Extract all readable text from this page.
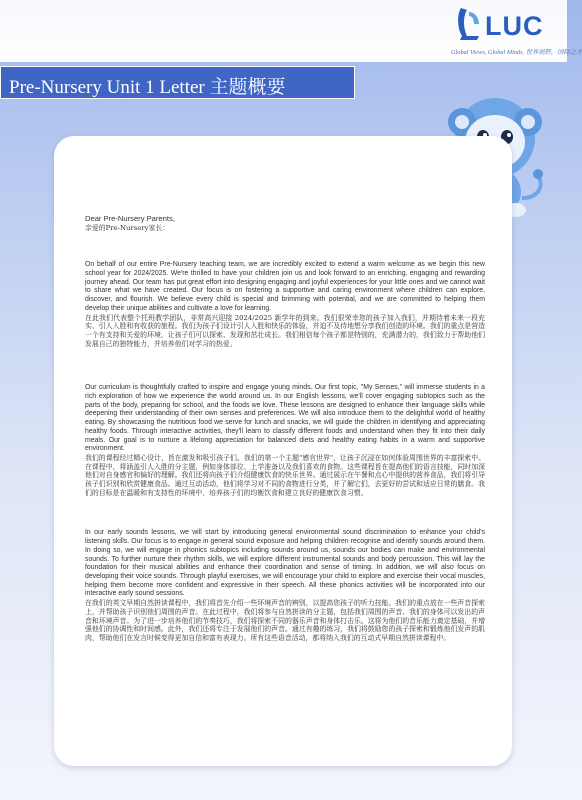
LUC
Global Views, Global Minds. 世界视野，国际之才
Pre-Nursery Unit 1 Letter 主题概要

Dear Pre-Nursery Parents,

亲爱的Pre-Nursery家长：

On behalf of our entire Pre-Nursery teaching team, we are incredibly excited to extend a warm welcome as we begin this new school year for 2024/2025. We're thrilled to have your children join us and look forward to an enriching, engaging and rewarding journey ahead. Our team has put great effort into designing engaging and joyful experiences for your little ones and we cannot wait to share what we have created. Our focus is on fostering a supportive and caring environment where children can explore, discover, and flourish. We believe every child is special and brimming with potential, and we are committed to helping them develop their unique abilities and cultivate a love for learning.

在此我们代表整个托班教学团队，非常高兴迎接 2024/2025 新学年的到来。我们很荣幸您的孩子加入我们，并期待着未来一段充实、引人入胜和有收获的旅程。我们为孩子们设计引人入胜和快乐的体验，并迫不及待地想分享我们创造的环境。我们的重点是营造一个有支持和关爱的环境，让孩子们可以探索、发现和茁壮成长。我们相信每个孩子都是特别的，充满潜力的，我们致力于帮助他们发展自己的独特能力，并培养他们对学习的热爱。

Our curriculum is thoughtfully crafted to inspire and engage young minds. Our first topic, "My Senses," will immerse students in a rich exploration of how we experience the world around us. In our English lessons, we'll cover engaging subtopics such as the parts of the body, preparing for school, and the foods we love. These lessons are designed to enhance their language skills while deepening their understanding of their own senses and preferences. We will also introduce them to the delightful world of healthy eating. By showcasing the nutritious food we serve for lunch and snacks, we will guide the children in identifying and appreciating healthy foods. Through interactive activities, they'll learn to classify different foods and understand when they fit into their daily meals. Our goal is to nurture a lifelong appreciation for balanced diets and healthy eating habits in a warm and supportive environment.

我们的课程经过精心设计，旨在激发和吸引孩子们。我们的第一个主题"感官世界"，让孩子沉浸在如何体验周围世界的丰富探索中。在课程中，将涵盖引人入胜的分主题，例如身体部位、上学准备以及我们喜欢的食物。这些课程旨在提高他们的语言技能，同时加深他们对自身感官和偏好的理解。我们还将向孩子们介绍健康饮食的快乐世界。通过展示在午餐和点心中提供的营养食品，我们将引导孩子们识别和欣赏健康食品。通过互动活动，他们将学习对不同的食物进行分类，并了解它们，去更好的尝试和适应日常的膳食。我们的目标是在温暖和有支持性的环境中，培养孩子们的均衡饮食和建立良好的健康饮食习惯。

In our early sounds lessons, we will start by introducing general environmental sound discrimination to enhance your child's listening skills. Our focus is to engage in general sound exposure and helping children recognise and identify sounds around them. In doing so, we will engage in phonics subtopics including sounds around us, sounds our bodies can make and environmental sounds. To further nurture their rhythm skills, we will explore different instrumental sounds and body percussion. This will lay the foundation for their musical abilities and enhance their coordination and sense of timing. In addition, we will also focus on developing their voice sounds. Through playful exercises, we will encourage your child to explore and exercise their vocal muscles, helping them become more confident and expressive in their speech. All these phonics activities will be incorporated into our interactive early sound sessions.

在我们的英文早期自然拼读课程中，我们将首先介绍一些环境声音的辨别，以提高您孩子的听力技能。我们的重点放在一些声音探索上，并帮助孩子识别他们周围的声音。在此过程中，我们将参与自然拼读的分主题，包括我们周围的声音、我们的身体可以发出的声音和环境声音。为了进一步培养他们的节奏技巧，我们将探索不同的器乐声音和身体打击乐。这将为他们的音乐能力奠定基础，并增强他们的协调性和时间感。此外，我们还将专注于发展他们的声音。通过有趣的练习，我们将鼓励您的孩子探索和锻炼他们发声的肌肉，帮助他们在发言时候变得更加自信和富有表现力。所有这些语音活动，都将纳入我们的互动式早期自然拼读课程中。
